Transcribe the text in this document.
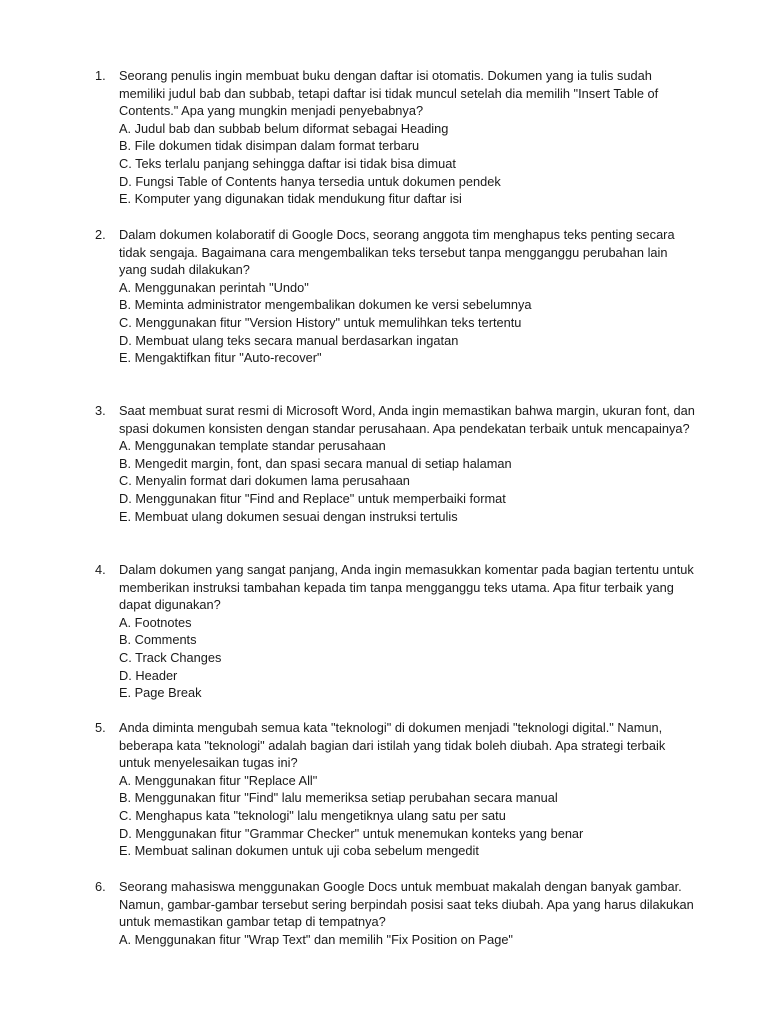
1.	Seorang penulis ingin membuat buku dengan daftar isi otomatis. Dokumen yang ia tulis sudah memiliki judul bab dan subbab, tetapi daftar isi tidak muncul setelah dia memilih "Insert Table of Contents." Apa yang mungkin menjadi penyebabnya?
A. Judul bab dan subbab belum diformat sebagai Heading
B. File dokumen tidak disimpan dalam format terbaru
C. Teks terlalu panjang sehingga daftar isi tidak bisa dimuat
D. Fungsi Table of Contents hanya tersedia untuk dokumen pendek
E. Komputer yang digunakan tidak mendukung fitur daftar isi
2.	Dalam dokumen kolaboratif di Google Docs, seorang anggota tim menghapus teks penting secara tidak sengaja. Bagaimana cara mengembalikan teks tersebut tanpa mengganggu perubahan lain yang sudah dilakukan?
A. Menggunakan perintah "Undo"
B. Meminta administrator mengembalikan dokumen ke versi sebelumnya
C. Menggunakan fitur "Version History" untuk memulihkan teks tertentu
D. Membuat ulang teks secara manual berdasarkan ingatan
E. Mengaktifkan fitur "Auto-recover"
3.	Saat membuat surat resmi di Microsoft Word, Anda ingin memastikan bahwa margin, ukuran font, dan spasi dokumen konsisten dengan standar perusahaan. Apa pendekatan terbaik untuk mencapainya?
A. Menggunakan template standar perusahaan
B. Mengedit margin, font, dan spasi secara manual di setiap halaman
C. Menyalin format dari dokumen lama perusahaan
D. Menggunakan fitur "Find and Replace" untuk memperbaiki format
E. Membuat ulang dokumen sesuai dengan instruksi tertulis
4.	Dalam dokumen yang sangat panjang, Anda ingin memasukkan komentar pada bagian tertentu untuk memberikan instruksi tambahan kepada tim tanpa mengganggu teks utama. Apa fitur terbaik yang dapat digunakan?
A. Footnotes
B. Comments
C. Track Changes
D. Header
E. Page Break
5.	Anda diminta mengubah semua kata "teknologi" di dokumen menjadi "teknologi digital." Namun, beberapa kata "teknologi" adalah bagian dari istilah yang tidak boleh diubah. Apa strategi terbaik untuk menyelesaikan tugas ini?
A. Menggunakan fitur "Replace All"
B. Menggunakan fitur "Find" lalu memeriksa setiap perubahan secara manual
C. Menghapus kata "teknologi" lalu mengetiknya ulang satu per satu
D. Menggunakan fitur "Grammar Checker" untuk menemukan konteks yang benar
E. Membuat salinan dokumen untuk uji coba sebelum mengedit
6.	Seorang mahasiswa menggunakan Google Docs untuk membuat makalah dengan banyak gambar. Namun, gambar-gambar tersebut sering berpindah posisi saat teks diubah. Apa yang harus dilakukan untuk memastikan gambar tetap di tempatnya?
A. Menggunakan fitur "Wrap Text" dan memilih "Fix Position on Page"
